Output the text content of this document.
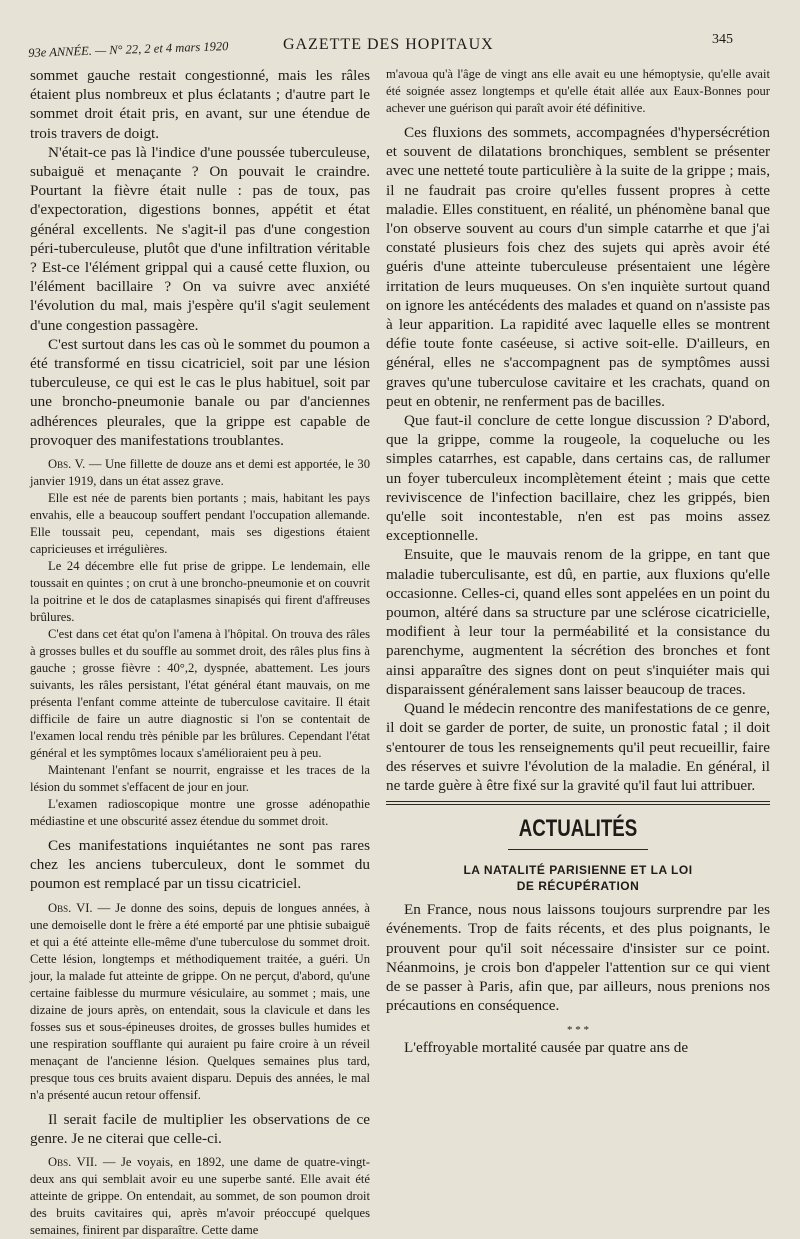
93e ANNÉE. — N° 22, 2 et 4 mars 1920	GAZETTE DES HOPITAUX	345

sommet gauche restait congestionné, mais les râles étaient plus nombreux et plus éclatants ; d'autre part le sommet droit était pris, en avant, sur une étendue de trois travers de doigt.

N'était-ce pas là l'indice d'une poussée tuberculeuse, subaiguë et menaçante ? On pouvait le craindre. Pourtant la fièvre était nulle : pas de toux, pas d'expectoration, digestions bonnes, appétit et état général excellents. Ne s'agit-il pas d'une congestion péri-tuberculeuse, plutôt que d'une infiltration véritable ? Est-ce l'élément grippal qui a causé cette fluxion, ou l'élément bacillaire ? On va suivre avec anxiété l'évolution du mal, mais j'espère qu'il s'agit seulement d'une congestion passagère.

C'est surtout dans les cas où le sommet du poumon a été transformé en tissu cicatriciel, soit par une lésion tuberculeuse, ce qui est le cas le plus habituel, soit par une broncho-pneumonie banale ou par d'anciennes adhérences pleurales, que la grippe est capable de provoquer des manifestations troublantes.

Obs. V. — Une fillette de douze ans et demi est apportée, le 30 janvier 1919, dans un état assez grave.

Elle est née de parents bien portants ; mais, habitant les pays envahis, elle a beaucoup souffert pendant l'occupation allemande. Elle toussait peu, cependant, mais ses digestions étaient capricieuses et irrégulières.

Le 24 décembre elle fut prise de grippe. Le lendemain, elle toussait en quintes ; on crut à une broncho-pneumonie et on couvrit la poitrine et le dos de cataplasmes sinapisés qui firent d'affreuses brûlures.

C'est dans cet état qu'on l'amena à l'hôpital. On trouva des râles à grosses bulles et du souffle au sommet droit, des râles plus fins à gauche ; grosse fièvre : 40°,2, dyspnée, abattement. Les jours suivants, les râles persistant, l'état général étant mauvais, on me présenta l'enfant comme atteinte de tuberculose cavitaire. Il était difficile de faire un autre diagnostic si l'on se contentait de l'examen local rendu très pénible par les brûlures. Cependant l'état général et les symptômes locaux s'amélioraient peu à peu.

Maintenant l'enfant se nourrit, engraisse et les traces de la lésion du sommet s'effacent de jour en jour.

L'examen radioscopique montre une grosse adénopathie médiastine et une obscurité assez étendue du sommet droit.

Ces manifestations inquiétantes ne sont pas rares chez les anciens tuberculeux, dont le sommet du poumon est remplacé par un tissu cicatriciel.

Obs. VI. — Je donne des soins, depuis de longues années, à une demoiselle dont le frère a été emporté par une phtisie subaiguë et qui a été atteinte elle-même d'une tuberculose du sommet droit. Cette lésion, longtemps et méthodiquement traitée, a guéri. Un jour, la malade fut atteinte de grippe. On ne perçut, d'abord, qu'une certaine faiblesse du murmure vésiculaire, au sommet ; mais, une dizaine de jours après, on entendait, sous la clavicule et dans les fosses sus et sous-épineuses droites, de grosses bulles humides et une respiration soufflante qui auraient pu faire croire à un réveil menaçant de l'ancienne lésion. Quelques semaines plus tard, presque tous ces bruits avaient disparu. Depuis des années, le mal n'a présenté aucun retour offensif.

Il serait facile de multiplier les observations de ce genre. Je ne citerai que celle-ci.

Obs. VII. — Je voyais, en 1892, une dame de quatre-vingt-deux ans qui semblait avoir eu une superbe santé. Elle avait été atteinte de grippe. On entendait, au sommet, de son poumon droit des bruits cavitaires qui, après m'avoir préoccupé quelques semaines, finirent par disparaître. Cette dame

m'avoua qu'à l'âge de vingt ans elle avait eu une hémoptysie, qu'elle avait été soignée assez longtemps et qu'elle était allée aux Eaux-Bonnes pour achever une guérison qui paraît avoir été définitive.

Ces fluxions des sommets, accompagnées d'hypersécrétion et souvent de dilatations bronchiques, semblent se présenter avec une netteté toute particulière à la suite de la grippe ; mais, il ne faudrait pas croire qu'elles fussent propres à cette maladie. Elles constituent, en réalité, un phénomène banal que l'on observe souvent au cours d'un simple catarrhe et que j'ai constaté plusieurs fois chez des sujets qui après avoir été guéris d'une atteinte tuberculeuse présentaient une légère irritation de leurs muqueuses. On s'en inquiète surtout quand on ignore les antécédents des malades et quand on n'assiste pas à leur apparition. La rapidité avec laquelle elles se montrent défie toute fonte caséeuse, si active soit-elle. D'ailleurs, en général, elles ne s'accompagnent pas de symptômes aussi graves qu'une tuberculose cavitaire et les crachats, quand on peut en obtenir, ne renferment pas de bacilles.

Que faut-il conclure de cette longue discussion ? D'abord, que la grippe, comme la rougeole, la coqueluche ou les simples catarrhes, est capable, dans certains cas, de rallumer un foyer tuberculeux incomplètement éteint ; mais que cette reviviscence de l'infection bacillaire, chez les grippés, bien qu'elle soit incontestable, n'en est pas moins assez exceptionnelle.

Ensuite, que le mauvais renom de la grippe, en tant que maladie tuberculisante, est dû, en partie, aux fluxions qu'elle occasionne. Celles-ci, quand elles sont appelées en un point du poumon, altéré dans sa structure par une sclérose cicatricielle, modifient à leur tour la perméabilité et la consistance du parenchyme, augmentent la sécrétion des bronches et font ainsi apparaître des signes dont on peut s'inquiéter mais qui disparaissent généralement sans laisser beaucoup de traces.

Quand le médecin rencontre des manifestations de ce genre, il doit se garder de porter, de suite, un pronostic fatal ; il doit s'entourer de tous les renseignements qu'il peut recueillir, faire des réserves et suivre l'évolution de la maladie. En général, il ne tarde guère à être fixé sur la gravité qu'il faut lui attribuer.

ACTUALITÉS
LA NATALITÉ PARISIENNE ET LA LOI
DE RÉCUPÉRATION

En France, nous nous laissons toujours surprendre par les événements. Trop de faits récents, et des plus poignants, le prouvent pour qu'il soit nécessaire d'insister sur ce point. Néanmoins, je crois bon d'appeler l'attention sur ce qui vient de se passer à Paris, afin que, par ailleurs, nous prenions nos précautions en conséquence.

* * *

L'effroyable mortalité causée par quatre ans de
